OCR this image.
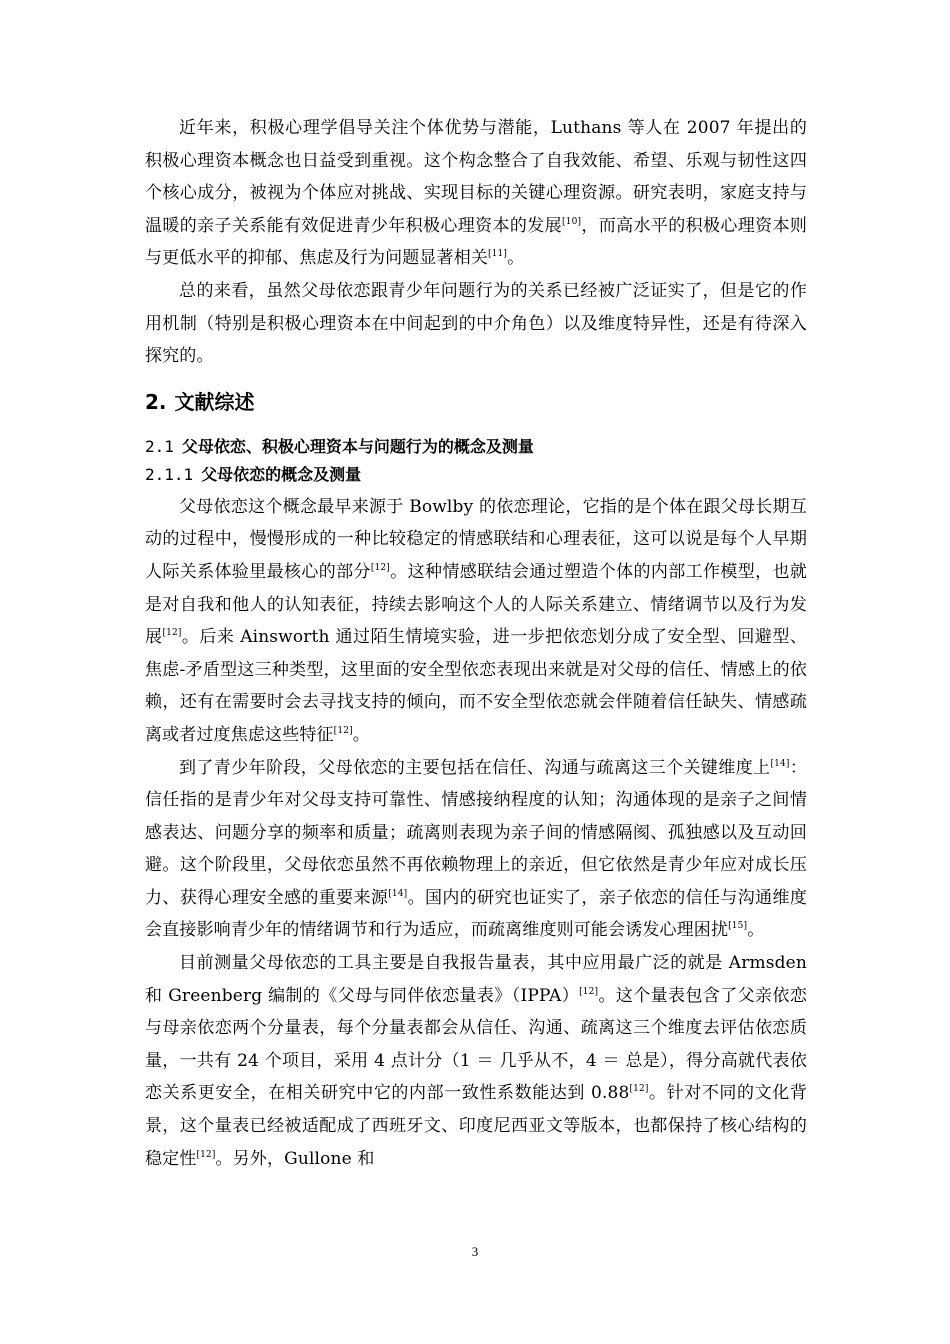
近年来，积极心理学倡导关注个体优势与潜能，Luthans 等人在 2007 年提出的积极心理资本概念也日益受到重视。这个构念整合了自我效能、希望、乐观与韧性这四个核心成分，被视为个体应对挑战、实现目标的关键心理资源。研究表明，家庭支持与温暖的亲子关系能有效促进青少年积极心理资本的发展[10]，而高水平的积极心理资本则与更低水平的抑郁、焦虑及行为问题显著相关[11]。

总的来看，虽然父母依恋跟青少年问题行为的关系已经被广泛证实了，但是它的作用机制（特别是积极心理资本在中间起到的中介角色）以及维度特异性，还是有待深入探究的。

2. 文献综述
2.1 父母依恋、积极心理资本与问题行为的概念及测量
2.1.1 父母依恋的概念及测量

父母依恋这个概念最早来源于 Bowlby 的依恋理论，它指的是个体在跟父母长期互动的过程中，慢慢形成的一种比较稳定的情感联结和心理表征，这可以说是每个人早期人际关系体验里最核心的部分[12]。这种情感联结会通过塑造个体的内部工作模型，也就是对自我和他人的认知表征，持续去影响这个人的人际关系建立、情绪调节以及行为发展[12]。后来 Ainsworth 通过陌生情境实验，进一步把依恋划分成了安全型、回避型、焦虑-矛盾型这三种类型，这里面的安全型依恋表现出来就是对父母的信任、情感上的依赖，还有在需要时会去寻找支持的倾向，而不安全型依恋就会伴随着信任缺失、情感疏离或者过度焦虑这些特征[12]。

到了青少年阶段，父母依恋的主要包括在信任、沟通与疏离这三个关键维度上[14]：信任指的是青少年对父母支持可靠性、情感接纳程度的认知；沟通体现的是亲子之间情感表达、问题分享的频率和质量；疏离则表现为亲子间的情感隔阂、孤独感以及互动回避。这个阶段里，父母依恋虽然不再依赖物理上的亲近，但它依然是青少年应对成长压力、获得心理安全感的重要来源[14]。国内的研究也证实了，亲子依恋的信任与沟通维度会直接影响青少年的情绪调节和行为适应，而疏离维度则可能会诱发心理困扰[15]。

目前测量父母依恋的工具主要是自我报告量表，其中应用最广泛的就是 Armsden 和 Greenberg 编制的《父母与同伴依恋量表》（IPPA）[12]。这个量表包含了父亲依恋与母亲依恋两个分量表，每个分量表都会从信任、沟通、疏离这三个维度去评估依恋质量，一共有 24 个项目，采用 4 点计分（1 ＝ 几乎从不，4 ＝ 总是），得分高就代表依恋关系更安全，在相关研究中它的内部一致性系数能达到 0.88[12]。针对不同的文化背景，这个量表已经被适配成了西班牙文、印度尼西亚文等版本，也都保持了核心结构的稳定性[12]。另外，Gullone 和

3
